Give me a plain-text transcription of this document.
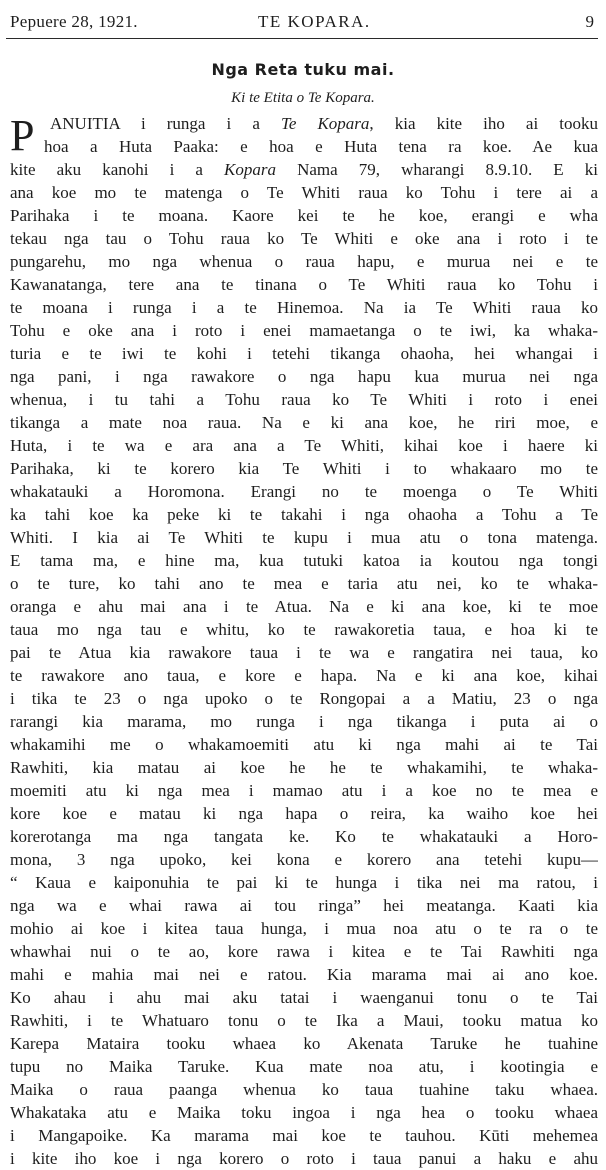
Pepuere 28, 1921.	TE KOPARA.	9
Nga Reta tuku mai.
Ki te Etita o Te Kopara.
P ANUITIA i runga i a Te Kopara, kia kite iho ai tooku
hoa a Huta Paaka: e hoa e Huta tena ra koe. Ae kua
kite aku kanohi i a Kopara Nama 79, wharangi 8.9.10. E ki
ana koe mo te matenga o Te Whiti raua ko Tohu i tere ai a
Parihaka i te moana. Kaore kei te he koe, erangi e wha
tekau nga tau o Tohu raua ko Te Whiti e oke ana i roto i te
pungarehu, mo nga whenua o raua hapu, e murua nei e te
Kawanatanga, tere ana te tinana o Te Whiti raua ko Tohu i
te moana i runga i a te Hinemoa. Na ia Te Whiti raua ko
Tohu e oke ana i roto i enei mamaetanga o te iwi, ka whaka-
turia e te iwi te kohi i tetehi tikanga ohaoha, hei whangai i
nga pani, i nga rawakore o nga hapu kua murua nei nga
whenua, i tu tahi a Tohu raua ko Te Whiti i roto i enei
tikanga a mate noa raua. Na e ki ana koe, he riri moe, e
Huta, i te wa e ara ana a Te Whiti, kihai koe i haere ki
Parihaka, ki te korero kia Te Whiti i to whakaaro mo te
whakatauki a Horomona. Erangi no te moenga o Te Whiti
ka tahi koe ka peke ki te takahi i nga ohaoha a Tohu a Te
Whiti. I kia ai Te Whiti te kupu i mua atu o tona matenga.
E tama ma, e hine ma, kua tutuki katoa ia koutou nga tongi
o te ture, ko tahi ano te mea e taria atu nei, ko te whaka-
oranga e ahu mai ana i te Atua. Na e ki ana koe, ki te moe
taua mo nga tau e whitu, ko te rawakoretia taua, e hoa ki te
pai te Atua kia rawakore taua i te wa e rangatira nei taua, ko
te rawakore ano taua, e kore e hapa. Na e ki ana koe, kihai
i tika te 23 o nga upoko o te Rongopai a a Matiu, 23 o nga
rarangi kia marama, mo runga i nga tikanga i puta ai o
whakamihi me o whakamoemiti atu ki nga mahi ai te Tai
Rawhiti, kia matau ai koe he he te whakamihi, te whaka-
moemiti atu ki nga mea i mamao atu i a koe no te mea e
kore koe e matau ki nga hapa o reira, ka waiho koe hei
korerotanga ma nga tangata ke. Ko te whakatauki a Horo-
mona, 3 nga upoko, kei kona e korero ana tetehi kupu—
“ Kaua e kaiponuhia te pai ki te hunga i tika nei ma ratou, i
nga wa e whai rawa ai tou ringa” hei meatanga. Kaati kia
mohio ai koe i kitea taua hunga, i mua noa atu o te ra o te
whawhai nui o te ao, kore rawa i kitea e te Tai Rawhiti nga
mahi e mahia mai nei e ratou. Kia marama mai ai ano koe.
Ko ahau i ahu mai aku tatai i waenganui tonu o te Tai
Rawhiti, i te Whatuaro tonu o te Ika a Maui, tooku matua ko
Karepa Mataira tooku whaea ko Akenata Taruke he tuahine
tupu no Maika Taruke. Kua mate noa atu, i kootingia e
Maika o raua paanga whenua ko taua tuahine taku whaea.
Whakataka atu e Maika toku ingoa i nga hea o tooku whaea
i Mangapoike. Ka marama mai koe te tauhou. Kūti mehemea
i kite iho koe i nga korero o roto i taua panui a haku e ahu
